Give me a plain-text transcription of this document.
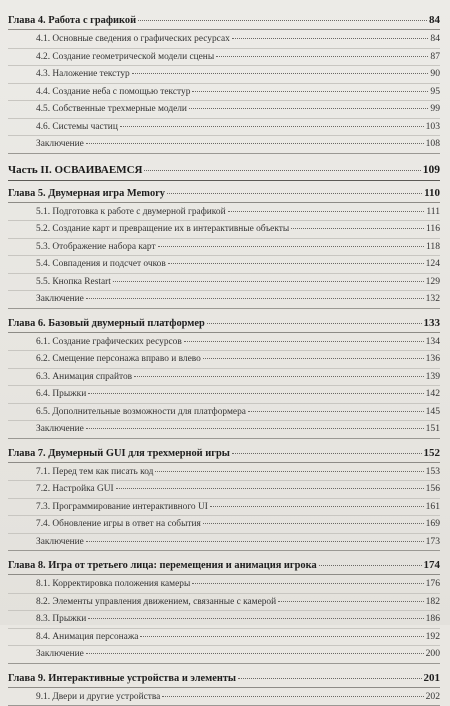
Глава 4. Работа с графикой	84
4.1. Основные сведения о графических ресурсах	84
4.2. Создание геометрической модели сцены	87
4.3. Наложение текстур	90
4.4. Создание неба с помощью текстур	95
4.5. Собственные трехмерные модели	99
4.6. Системы частиц	103
Заключение	108
Часть II. ОСВАИВАЕМСЯ	109
Глава 5. Двумерная игра Memory	110
5.1. Подготовка к работе с двумерной графикой	111
5.2. Создание карт и превращение их в интерактивные объекты	116
5.3. Отображение набора карт	118
5.4. Совпадения и подсчет очков	124
5.5. Кнопка Restart	129
Заключение	132
Глава 6. Базовый двумерный платформер	133
6.1. Создание графических ресурсов	134
6.2. Смещение персонажа вправо и влево	136
6.3. Анимация спрайтов	139
6.4. Прыжки	142
6.5. Дополнительные возможности для платформера	145
Заключение	151
Глава 7. Двумерный GUI для трехмерной игры	152
7.1. Перед тем как писать код	153
7.2. Настройка GUI	156
7.3. Программирование интерактивного UI	161
7.4. Обновление игры в ответ на события	169
Заключение	173
Глава 8. Игра от третьего лица: перемещения и анимация игрока	174
8.1. Корректировка положения камеры	176
8.2. Элементы управления движением, связанные с камерой	182
8.3. Прыжки	186
8.4. Анимация персонажа	192
Заключение	200
Глава 9. Интерактивные устройства и элементы	201
9.1. Двери и другие устройства	202
